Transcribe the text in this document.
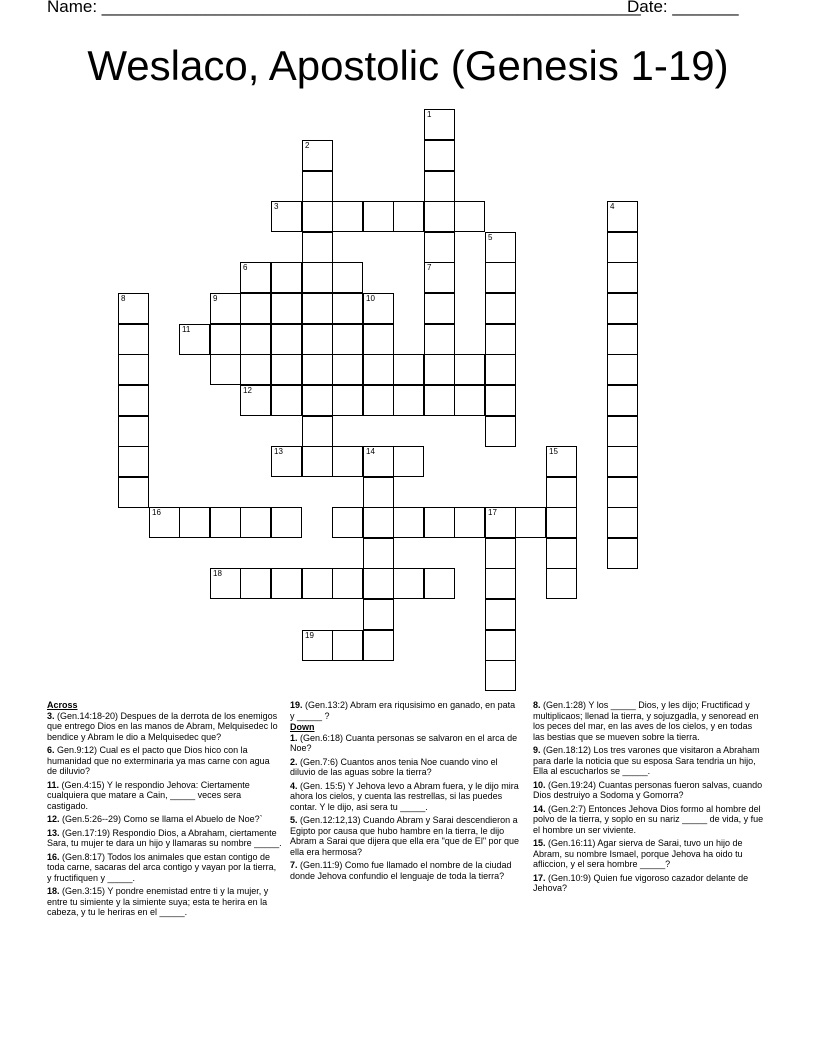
Name: _________________________________________________________
Date: _______
Weslaco, Apostolic (Genesis 1-19)
1
2
3	4
5
6	7
8	9	10
11
12
13	14	15
16	17
18
19
Across
3. (Gen.14:18-20) Despues de la derrota de los enemigos que entrego Dios en las manos de Abram, Melquisedec lo bendice y Abram le dio a Melquisedec que?
6. Gen.9:12) Cual es el pacto que Dios hico con la humanidad que no exterminaria ya mas carne con agua de diluvio?
11. (Gen.4:15) Y le respondio Jehova: Ciertamente cualquiera que matare a Cain, _____ veces sera castigado.
12. (Gen.5:26--29) Como se llama el Abuelo de Noe?`
13. (Gen.17:19) Respondio Dios, a Abraham, ciertamente Sara, tu mujer te dara un hijo y llamaras su nombre _____.
16. (Gen.8:17) Todos los animales que estan contigo de toda carne, sacaras del arca contigo y vayan por la tierra, y fructifiquen y _____.
18. (Gen.3:15) Y pondre enemistad entre ti y la mujer, y entre tu simiente y la simiente suya; esta te herira en la cabeza, y tu le heriras en el _____.
19. (Gen.13:2) Abram era riqusisimo en ganado, en pata y _____ ?
Down
1. (Gen.6:18) Cuanta personas se salvaron en el arca de Noe?
2. (Gen.7:6) Cuantos anos tenia Noe cuando vino el diluvio de las aguas sobre la tierra?
4. (Gen. 15:5) Y Jehova levo a Abram fuera, y le dijo mira ahora los cielos, y cuenta las restrellas, si las puedes contar. Y le dijo, asi sera tu _____.
5. (Gen.12:12,13) Cuando Abram y Sarai descendieron a Egipto por causa que hubo hambre en la tierra, le dijo Abram a Sarai que dijera que ella era "que de El" por que ella era hermosa?
7. (Gen.11:9) Como fue llamado el nombre de la ciudad donde Jehova confundio el lenguaje de toda la tierra?
8. (Gen.1:28) Y los _____ Dios, y les dijo; Fructificad y multiplicaos; llenad la tierra, y sojuzgadla, y senoread en los peces del mar, en las aves de los cielos, y en todas las bestias que se mueven sobre la tierra.
9. (Gen.18:12) Los tres varones que visitaron a Abraham para darle la noticia que su esposa Sara tendria un hijo, Ella al escucharlos se _____.
10. (Gen.19:24) Cuantas personas fueron salvas, cuando Dios destruiyo a Sodoma y Gomorra?
14. (Gen.2:7) Entonces Jehova Dios formo al hombre del polvo de la tierra, y soplo en su nariz _____ de vida, y fue el hombre un ser viviente.
15. (Gen.16:11) Agar sierva de Sarai, tuvo un hijo de Abram, su nombre Ismael, porque Jehova ha oido tu afliccion, y el sera hombre _____?
17. (Gen.10:9) Quien fue vigoroso cazador delante de Jehova?
